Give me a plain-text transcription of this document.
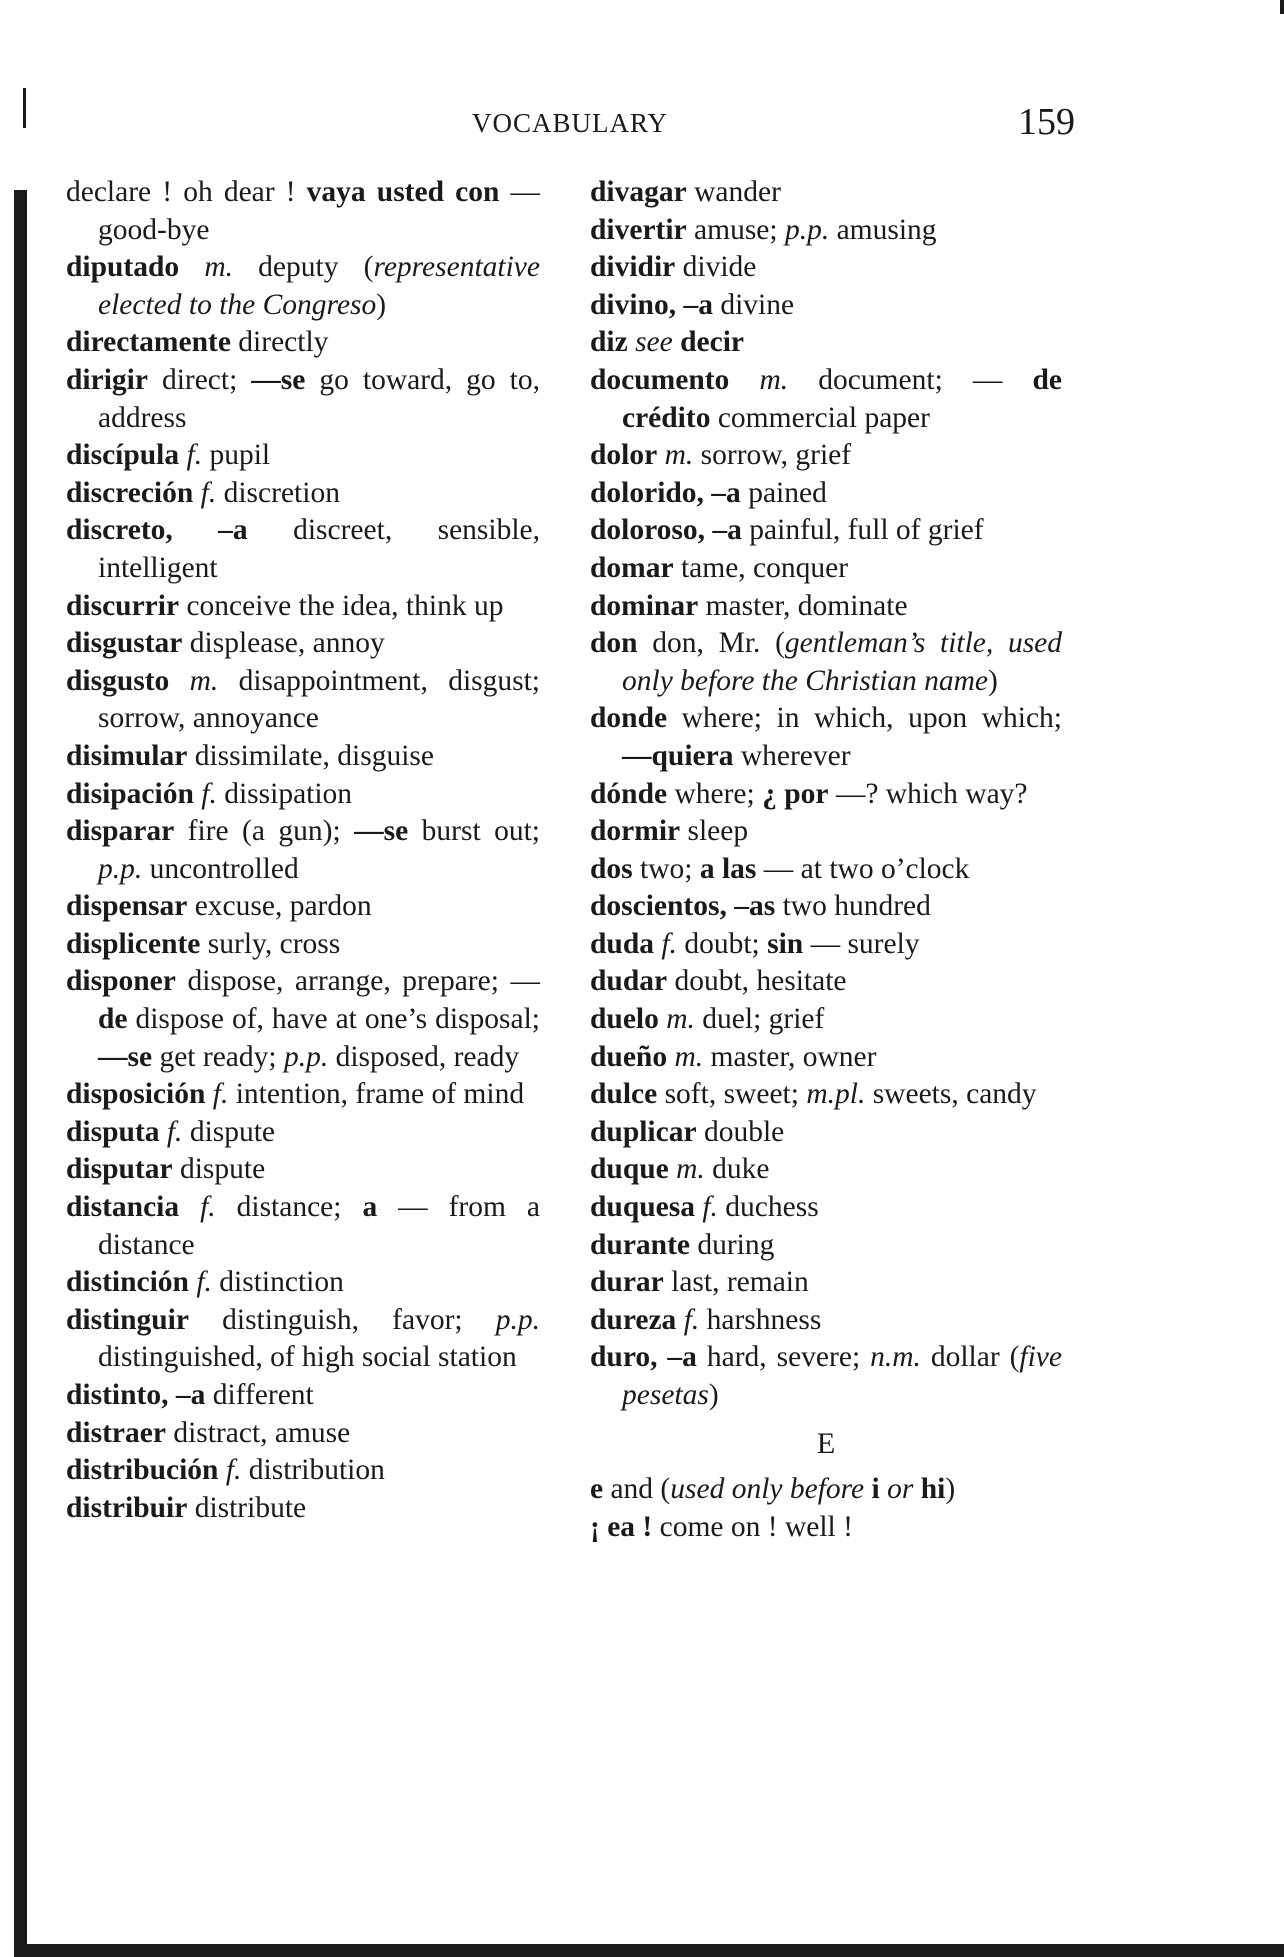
VOCABULARY	159
declare ! oh dear ! vaya usted con — good-bye
diputado m. deputy (representative elected to the Congreso)
directamente directly
dirigir direct; —se go toward, go to, address
discípula f. pupil
discreción f. discretion
discreto, –a discreet, sensible, intelligent
discurrir conceive the idea, think up
disgustar displease, annoy
disgusto m. disappointment, disgust; sorrow, annoyance
disimular dissimilate, disguise
disipación f. dissipation
disparar fire (a gun); —se burst out; p.p. uncontrolled
dispensar excuse, pardon
displicente surly, cross
disponer dispose, arrange, prepare; — de dispose of, have at one’s disposal; —se get ready; p.p. disposed, ready
disposición f. intention, frame of mind
disputa f. dispute
disputar dispute
distancia f. distance; a — from a distance
distinción f. distinction
distinguir distinguish, favor; p.p. distinguished, of high social station
distinto, –a different
distraer distract, amuse
distribución f. distribution
distribuir distribute
divagar wander
divertir amuse; p.p. amusing
dividir divide
divino, –a divine
diz see decir
documento m. document; — de crédito commercial paper
dolor m. sorrow, grief
dolorido, –a pained
doloroso, –a painful, full of grief
domar tame, conquer
dominar master, dominate
don don, Mr. (gentleman’s title, used only before the Christian name)
donde where; in which, upon which; —quiera wherever
dónde where; ¿ por —? which way?
dormir sleep
dos two; a las — at two o’clock
doscientos, –as two hundred
duda f. doubt; sin — surely
dudar doubt, hesitate
duelo m. duel; grief
dueño m. master, owner
dulce soft, sweet; m.pl. sweets, candy
duplicar double
duque m. duke
duquesa f. duchess
durante during
durar last, remain
dureza f. harshness
duro, –a hard, severe; n.m. dollar (five pesetas)
E
e and (used only before i or hi)
¡ ea ! come on ! well !
